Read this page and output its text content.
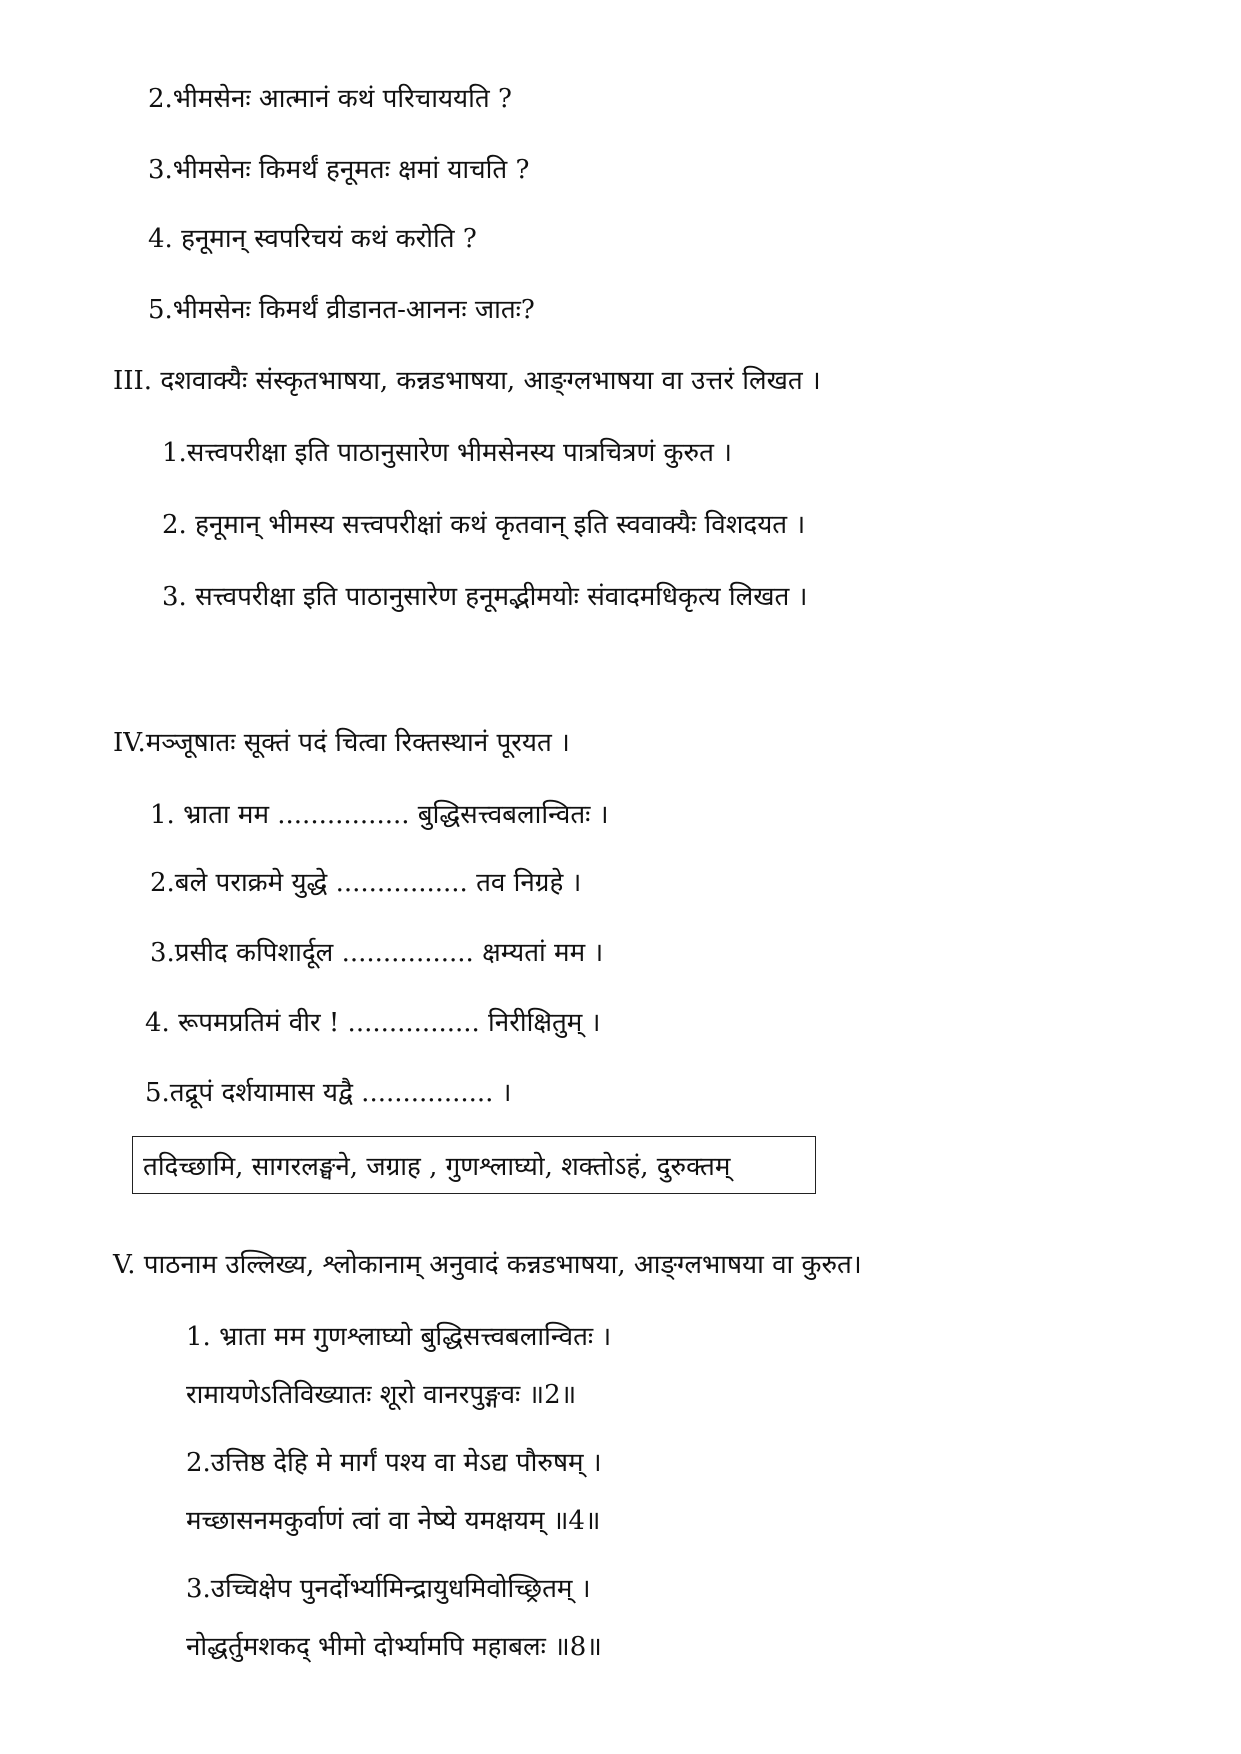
2.भीमसेनः आत्मानं कथं परिचाययति ?
3.भीमसेनः किमर्थं हनूमतः क्षमां याचति ?
4. हनूमान् स्वपरिचयं कथं करोति ?
5.भीमसेनः किमर्थं व्रीडानत-आननः जातः?
III. दशवाक्यैः संस्कृतभाषया, कन्नडभाषया, आङ्ग्लभाषया वा उत्तरं लिखत ।
1.सत्त्वपरीक्षा इति पाठानुसारेण भीमसेनस्य पात्रचित्रणं कुरुत ।
2. हनूमान् भीमस्य सत्त्वपरीक्षां कथं कृतवान् इति स्ववाक्यैः विशदयत ।
3. सत्त्वपरीक्षा इति पाठानुसारेण हनूमद्भीमयोः संवादमधिकृत्य लिखत ।
IV.मञ्जूषातः सूक्तं पदं चित्वा रिक्तस्थानं पूरयत ।
1. भ्राता मम ................ बुद्धिसत्त्वबलान्वितः ।
2.बले पराक्रमे युद्धे ................ तव निग्रहे ।
3.प्रसीद कपिशार्दूल ................ क्षम्यतां मम ।
4. रूपमप्रतिमं वीर ! ................ निरीक्षितुम् ।
5.तद्रूपं दर्शयामास यद्वै ................ ।
तदिच्छामि, सागरलङ्घने, जग्राह , गुणश्लाघ्यो, शक्तोऽहं, दुरुक्तम्
V. पाठनाम उल्लिख्य, श्लोकानाम् अनुवादं कन्नडभाषया, आङ्ग्लभाषया वा कुरुत।
1. भ्राता मम गुणश्लाघ्यो बुद्धिसत्त्वबलान्वितः ।
रामायणेऽतिविख्यातः शूरो वानरपुङ्गवः ॥2॥
2.उत्तिष्ठ देहि मे मार्गं पश्य वा मेऽद्य पौरुषम् ।
मच्छासनमकुर्वाणं त्वां वा नेष्ये यमक्षयम् ॥4॥
3.उच्चिक्षेप पुनर्दोर्भ्यामिन्द्रायुधमिवोच्छ्रितम् ।
नोद्धर्तुमशकद् भीमो दोर्भ्यामपि महाबलः ॥8॥
